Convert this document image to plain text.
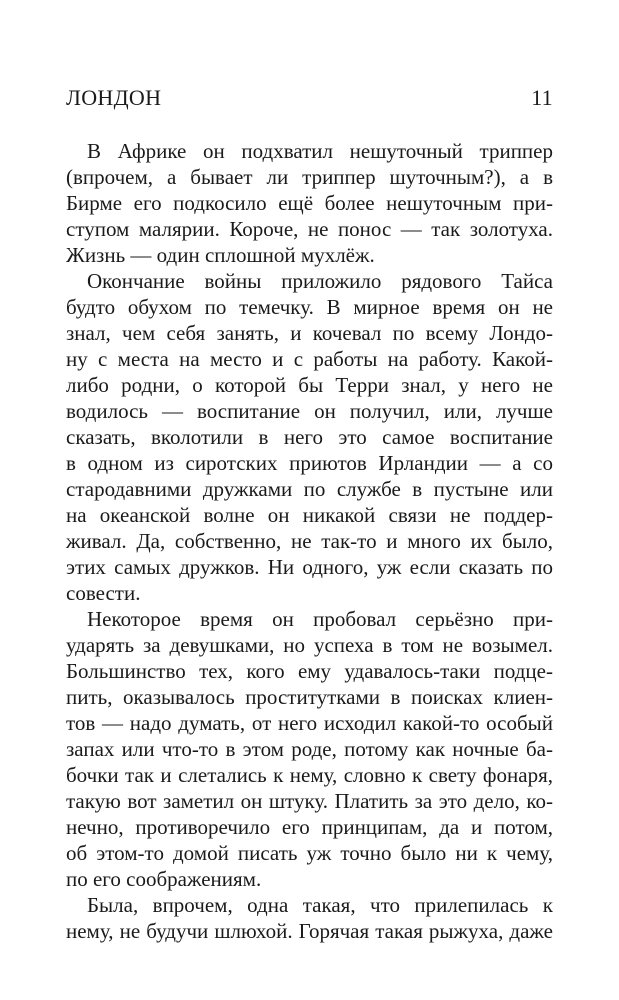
ЛОНДОН	11
В Африке он подхватил нешуточный триппер
(впрочем, а бывает ли триппер шуточным?), а в
Бирме его подкосило ещё более нешуточным при-
ступом малярии. Короче, не понос — так золотуха.
Жизнь — один сплошной мухлёж.
Окончание войны приложило рядового Тайса
будто обухом по темечку. В мирное время он не
знал, чем себя занять, и кочевал по всему Лондо-
ну с места на место и с работы на работу. Какой-
либо родни, о которой бы Терри знал, у него не
водилось — воспитание он получил, или, лучше
сказать, вколотили в него это самое воспитание
в одном из сиротских приютов Ирландии — а со
стародавними дружками по службе в пустыне или
на океанской волне он никакой связи не поддер-
живал. Да, собственно, не так-то и много их было,
этих самых дружков. Ни одного, уж если сказать по
совести.
Некоторое время он пробовал серьёзно при-
ударять за девушками, но успеха в том не возымел.
Большинство тех, кого ему удавалось-таки подце-
пить, оказывалось проститутками в поисках клиен-
тов — надо думать, от него исходил какой-то особый
запах или что-то в этом роде, потому как ночные ба-
бочки так и слетались к нему, словно к свету фонаря,
такую вот заметил он штуку. Платить за это дело, ко-
нечно, противоречило его принципам, да и потом,
об этом-то домой писать уж точно было ни к чему,
по его соображениям.
Была, впрочем, одна такая, что прилепилась к
нему, не будучи шлюхой. Горячая такая рыжуха, даже
